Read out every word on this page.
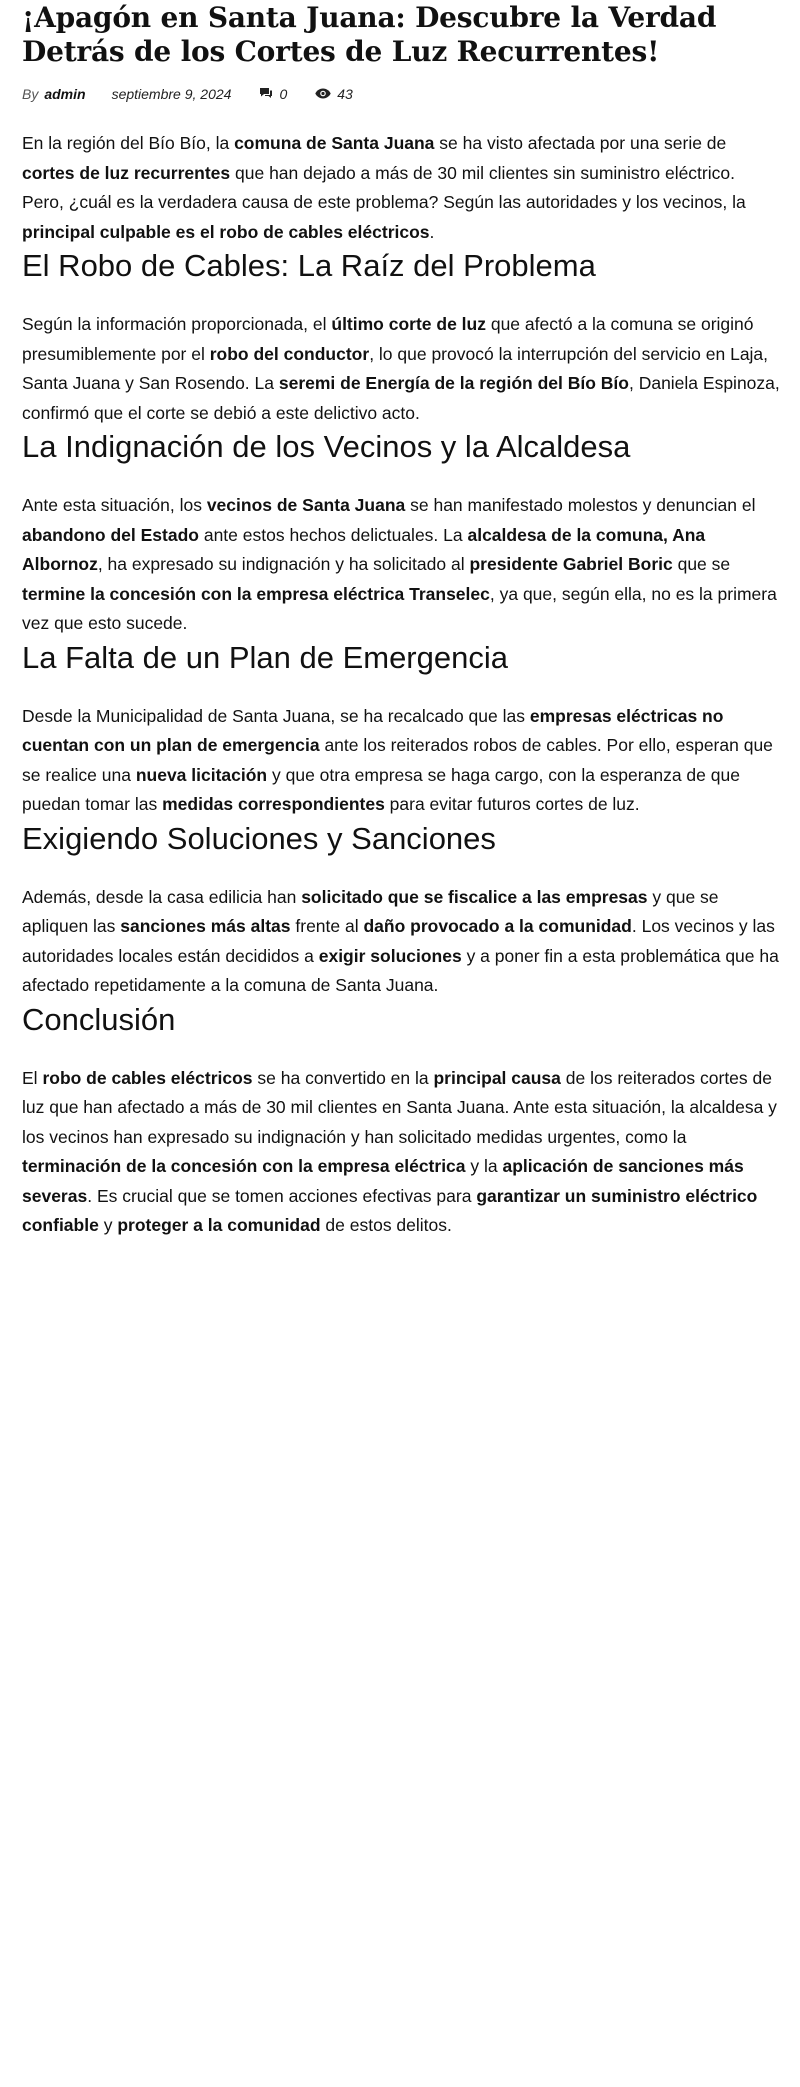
¡Apagón en Santa Juana: Descubre la Verdad Detrás de los Cortes de Luz Recurrentes!
By admin septiembre 9, 2024	0	43

En la región del Bío Bío, la comuna de Santa Juana se ha visto afectada por una serie de cortes de luz recurrentes que han dejado a más de 30 mil clientes sin suministro eléctrico. Pero, ¿cuál es la verdadera causa de este problema? Según las autoridades y los vecinos, la principal culpable es el robo de cables eléctricos.

El Robo de Cables: La Raíz del Problema

Según la información proporcionada, el último corte de luz que afectó a la comuna se originó presumiblemente por el robo del conductor, lo que provocó la interrupción del servicio en Laja, Santa Juana y San Rosendo. La seremi de Energía de la región del Bío Bío, Daniela Espinoza, confirmó que el corte se debió a este delictivo acto.

La Indignación de los Vecinos y la Alcaldesa

Ante esta situación, los vecinos de Santa Juana se han manifestado molestos y denuncian el abandono del Estado ante estos hechos delictuales. La alcaldesa de la comuna, Ana Albornoz, ha expresado su indignación y ha solicitado al presidente Gabriel Boric que se termine la concesión con la empresa eléctrica Transelec, ya que, según ella, no es la primera vez que esto sucede.

La Falta de un Plan de Emergencia

Desde la Municipalidad de Santa Juana, se ha recalcado que las empresas eléctricas no cuentan con un plan de emergencia ante los reiterados robos de cables. Por ello, esperan que se realice una nueva licitación y que otra empresa se haga cargo, con la esperanza de que puedan tomar las medidas correspondientes para evitar futuros cortes de luz.

Exigiendo Soluciones y Sanciones

Además, desde la casa edilicia han solicitado que se fiscalice a las empresas y que se apliquen las sanciones más altas frente al daño provocado a la comunidad. Los vecinos y las autoridades locales están decididos a exigir soluciones y a poner fin a esta problemática que ha afectado repetidamente a la comuna de Santa Juana.

Conclusión

El robo de cables eléctricos se ha convertido en la principal causa de los reiterados cortes de luz que han afectado a más de 30 mil clientes en Santa Juana. Ante esta situación, la alcaldesa y los vecinos han expresado su indignación y han solicitado medidas urgentes, como la terminación de la concesión con la empresa eléctrica y la aplicación de sanciones más severas. Es crucial que se tomen acciones efectivas para garantizar un suministro eléctrico confiable y proteger a la comunidad de estos delitos.
